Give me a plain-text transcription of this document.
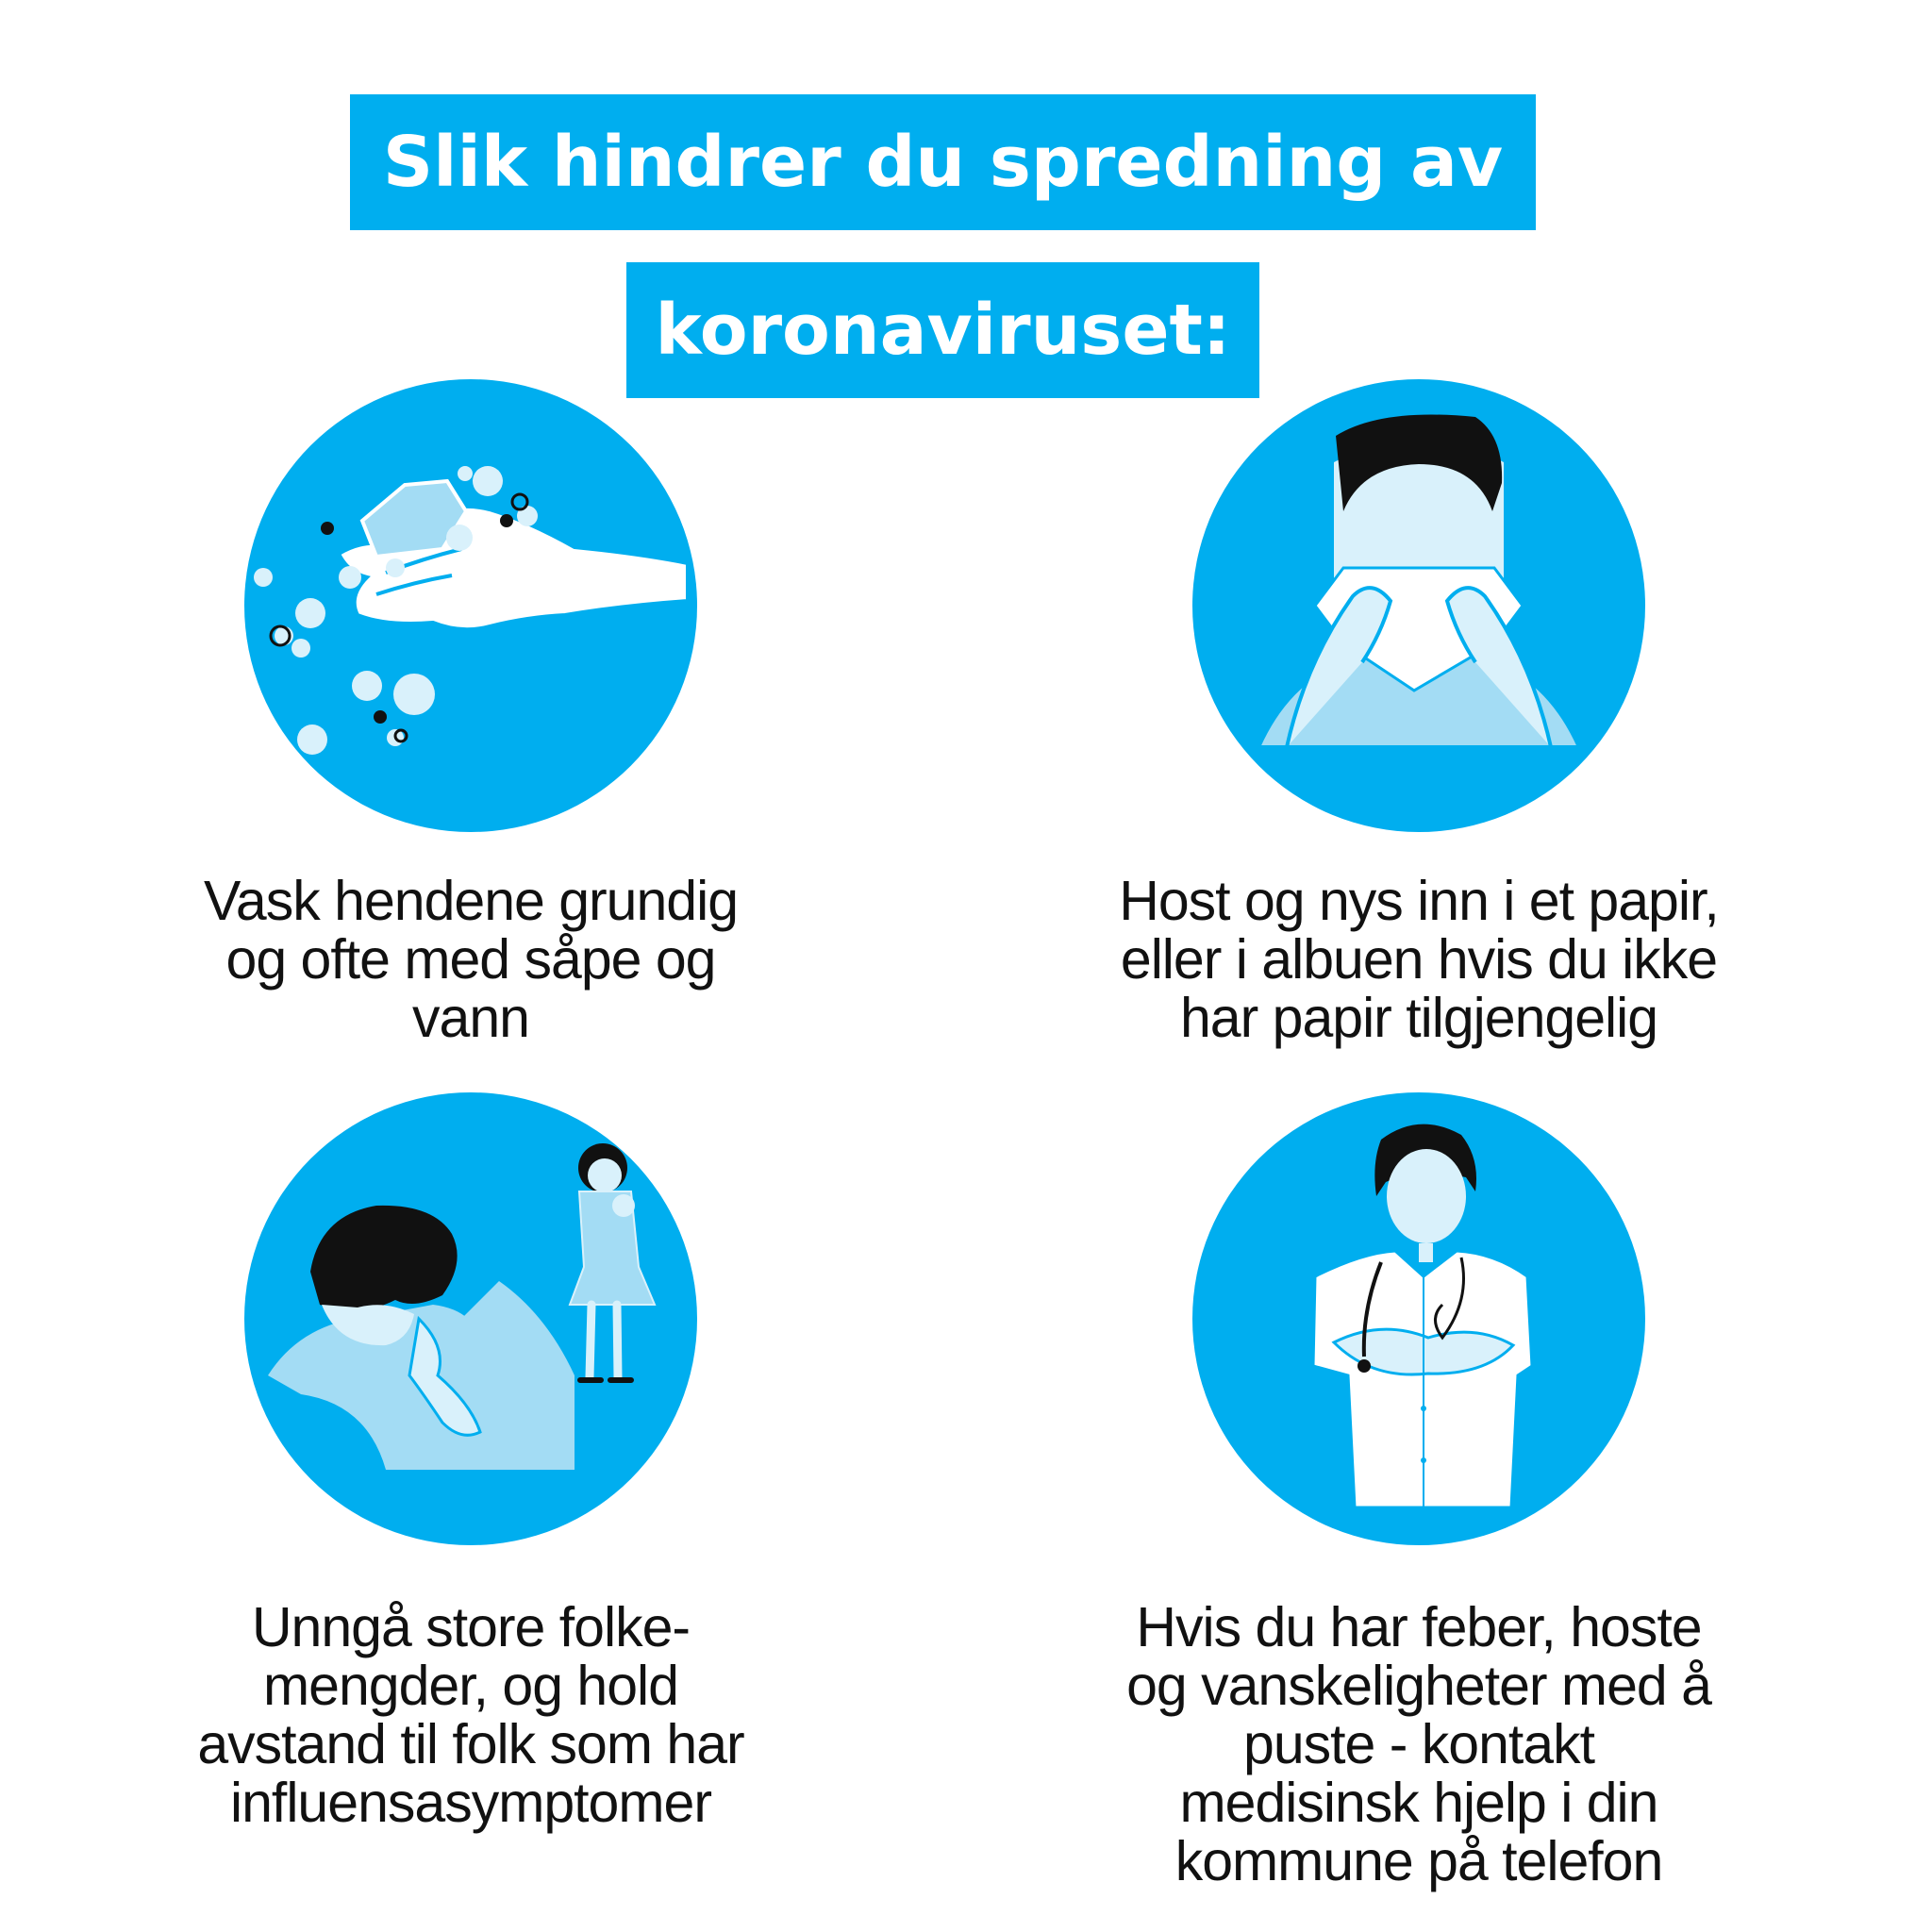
Slik hindrer du spredning av
koronaviruset:
Vask hendene grundig
og ofte med såpe og
vann
Host og nys inn i et papir,
eller i albuen hvis du ikke
har papir tilgjengelig
Unngå store folke-
mengder, og hold
avstand til folk som har
influensasymptomer
Hvis du har feber, hoste
og vanskeligheter med å
puste - kontakt
medisinsk hjelp i din
kommune på telefon
